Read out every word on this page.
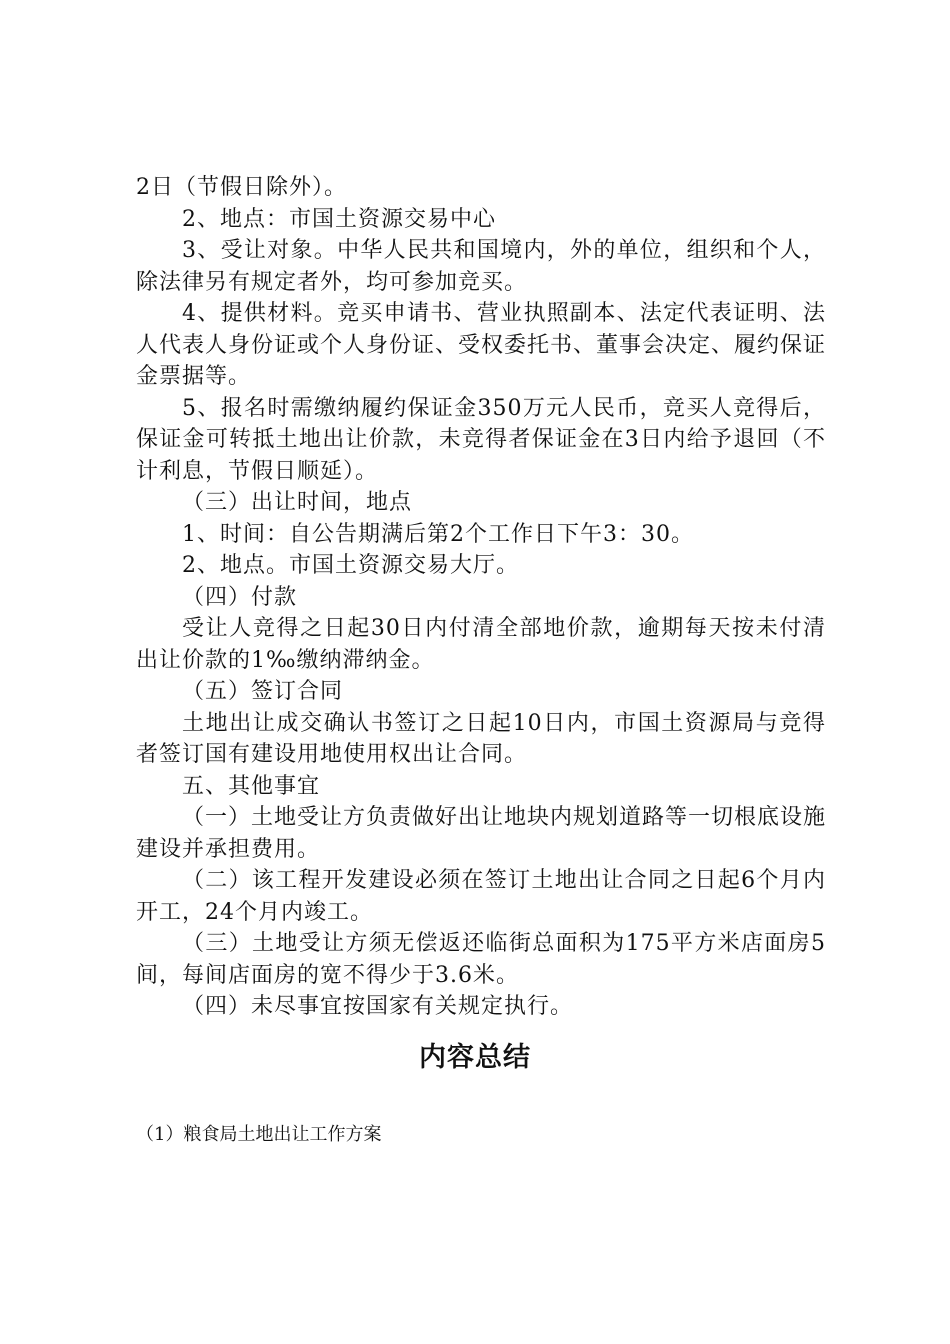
2日（节假日除外）。

2、地点：市国土资源交易中心

3、受让对象。中华人民共和国境内，外的单位，组织和个人，除法律另有规定者外，均可参加竞买。

4、提供材料。竞买申请书、营业执照副本、法定代表证明、法人代表人身份证或个人身份证、受权委托书、董事会决定、履约保证金票据等。

5、报名时需缴纳履约保证金350万元人民币，竞买人竞得后，保证金可转抵土地出让价款，未竞得者保证金在3日内给予退回（不计利息，节假日顺延）。

（三）出让时间，地点

1、时间：自公告期满后第2个工作日下午3：30。

2、地点。市国土资源交易大厅。

（四）付款

受让人竞得之日起30日内付清全部地价款，逾期每天按未付清出让价款的1‰缴纳滞纳金。

（五）签订合同

土地出让成交确认书签订之日起10日内，市国土资源局与竞得者签订国有建设用地使用权出让合同。

五、其他事宜

（一）土地受让方负责做好出让地块内规划道路等一切根底设施建设并承担费用。

（二）该工程开发建设必须在签订土地出让合同之日起6个月内开工，24个月内竣工。

（三）土地受让方须无偿返还临街总面积为175平方米店面房5间，每间店面房的宽不得少于3.6米。

（四）未尽事宜按国家有关规定执行。

内容总结

（1）粮食局土地出让工作方案
